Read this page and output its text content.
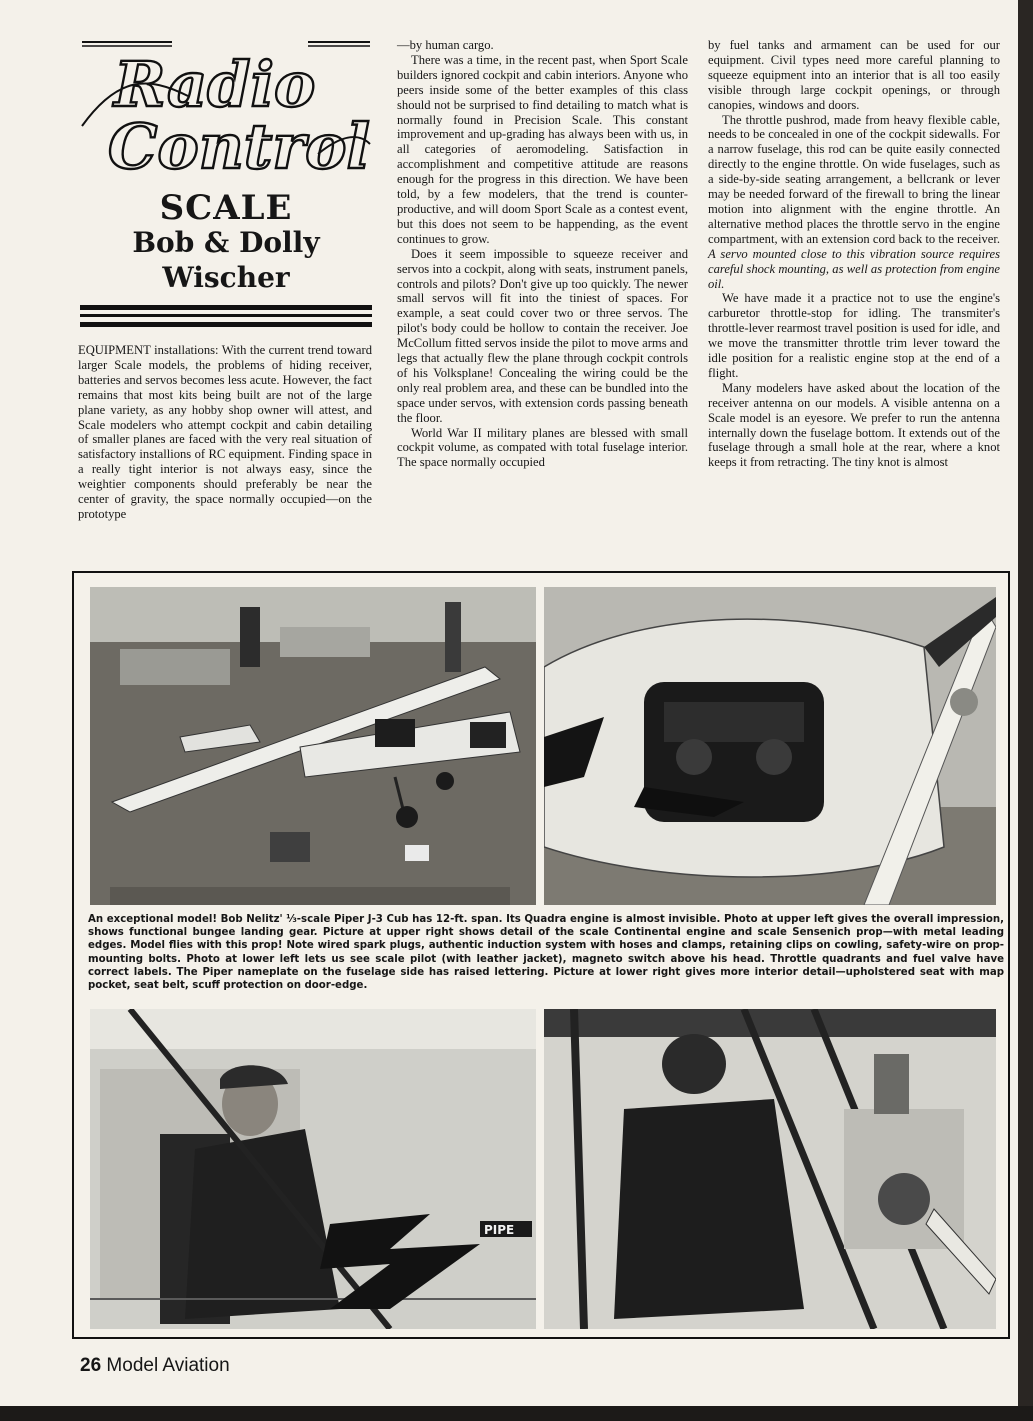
Radio
Control
SCALE
Bob & Dolly
Wischer

EQUIPMENT installations: With the current trend toward larger Scale models, the problems of hiding receiver, batteries and servos becomes less acute. However, the fact remains that most kits being built are not of the large plane variety, as any hobby shop owner will attest, and Scale modelers who attempt cockpit and cabin detailing of smaller planes are faced with the very real situation of satisfactory installions of RC equipment. Finding space in a really tight interior is not always easy, since the weightier components should preferably be near the center of gravity, the space normally occupied—on the prototype

—by human cargo.

There was a time, in the recent past, when Sport Scale builders ignored cockpit and cabin interiors. Anyone who peers inside some of the better examples of this class should not be surprised to find detailing to match what is normally found in Precision Scale. This constant improvement and up-grading has always been with us, in all categories of aeromodeling. Satisfaction in accomplishment and competitive attitude are reasons enough for the progress in this direction. We have been told, by a few modelers, that the trend is counter-productive, and will doom Sport Scale as a contest event, but this does not seem to be happending, as the event continues to grow.

Does it seem impossible to squeeze receiver and servos into a cockpit, along with seats, instrument panels, controls and pilots? Don't give up too quickly. The newer small servos will fit into the tiniest of spaces. For example, a seat could cover two or three servos. The pilot's body could be hollow to contain the receiver. Joe McCollum fitted servos inside the pilot to move arms and legs that actually flew the plane through cockpit controls of his Volksplane! Concealing the wiring could be the only real problem area, and these can be bundled into the space under servos, with extension cords passing beneath the floor.

World War II military planes are blessed with small cockpit volume, as compated with total fuselage interior. The space normally occupied

by fuel tanks and armament can be used for our equipment. Civil types need more careful planning to squeeze equipment into an interior that is all too easily visible through large cockpit openings, or through canopies, windows and doors.

The throttle pushrod, made from heavy flexible cable, needs to be concealed in one of the cockpit sidewalls. For a narrow fuselage, this rod can be quite easily connected directly to the engine throttle. On wide fuselages, such as a side-by-side seating arrangement, a bellcrank or lever may be needed forward of the firewall to bring the linear motion into alignment with the engine throttle. An alternative method places the throttle servo in the engine compartment, with an extension cord back to the receiver. A servo mounted close to this vibration source requires careful shock mounting, as well as protection from engine oil.

We have made it a practice not to use the engine's carburetor throttle-stop for idling. The transmiter's throttle-lever rearmost travel position is used for idle, and we move the transmitter throttle trim lever toward the idle position for a realistic engine stop at the end of a flight.

Many modelers have asked about the location of the receiver antenna on our models. A visible antenna on a Scale model is an eyesore. We prefer to run the antenna internally down the fuselage bottom. It extends out of the fuselage through a small hole at the rear, where a knot keeps it from retracting. The tiny knot is almost

An exceptional model! Bob Nelitz' ⅓-scale Piper J-3 Cub has 12-ft. span. Its Quadra engine is almost invisible. Photo at upper left gives the overall impression, shows functional bungee landing gear. Picture at upper right shows detail of the scale Continental engine and scale Sensenich prop—with metal leading edges. Model flies with this prop! Note wired spark plugs, authentic induction system with hoses and clamps, retaining clips on cowling, safety-wire on prop-mounting bolts. Photo at lower left lets us see scale pilot (with leather jacket), magneto switch above his head. Throttle quadrants and fuel valve have correct labels. The Piper nameplate on the fuselage side has raised lettering. Picture at lower right gives more interior detail—upholstered seat with map pocket, seat belt, scuff protection on door-edge.
PIPE
26 Model Aviation
